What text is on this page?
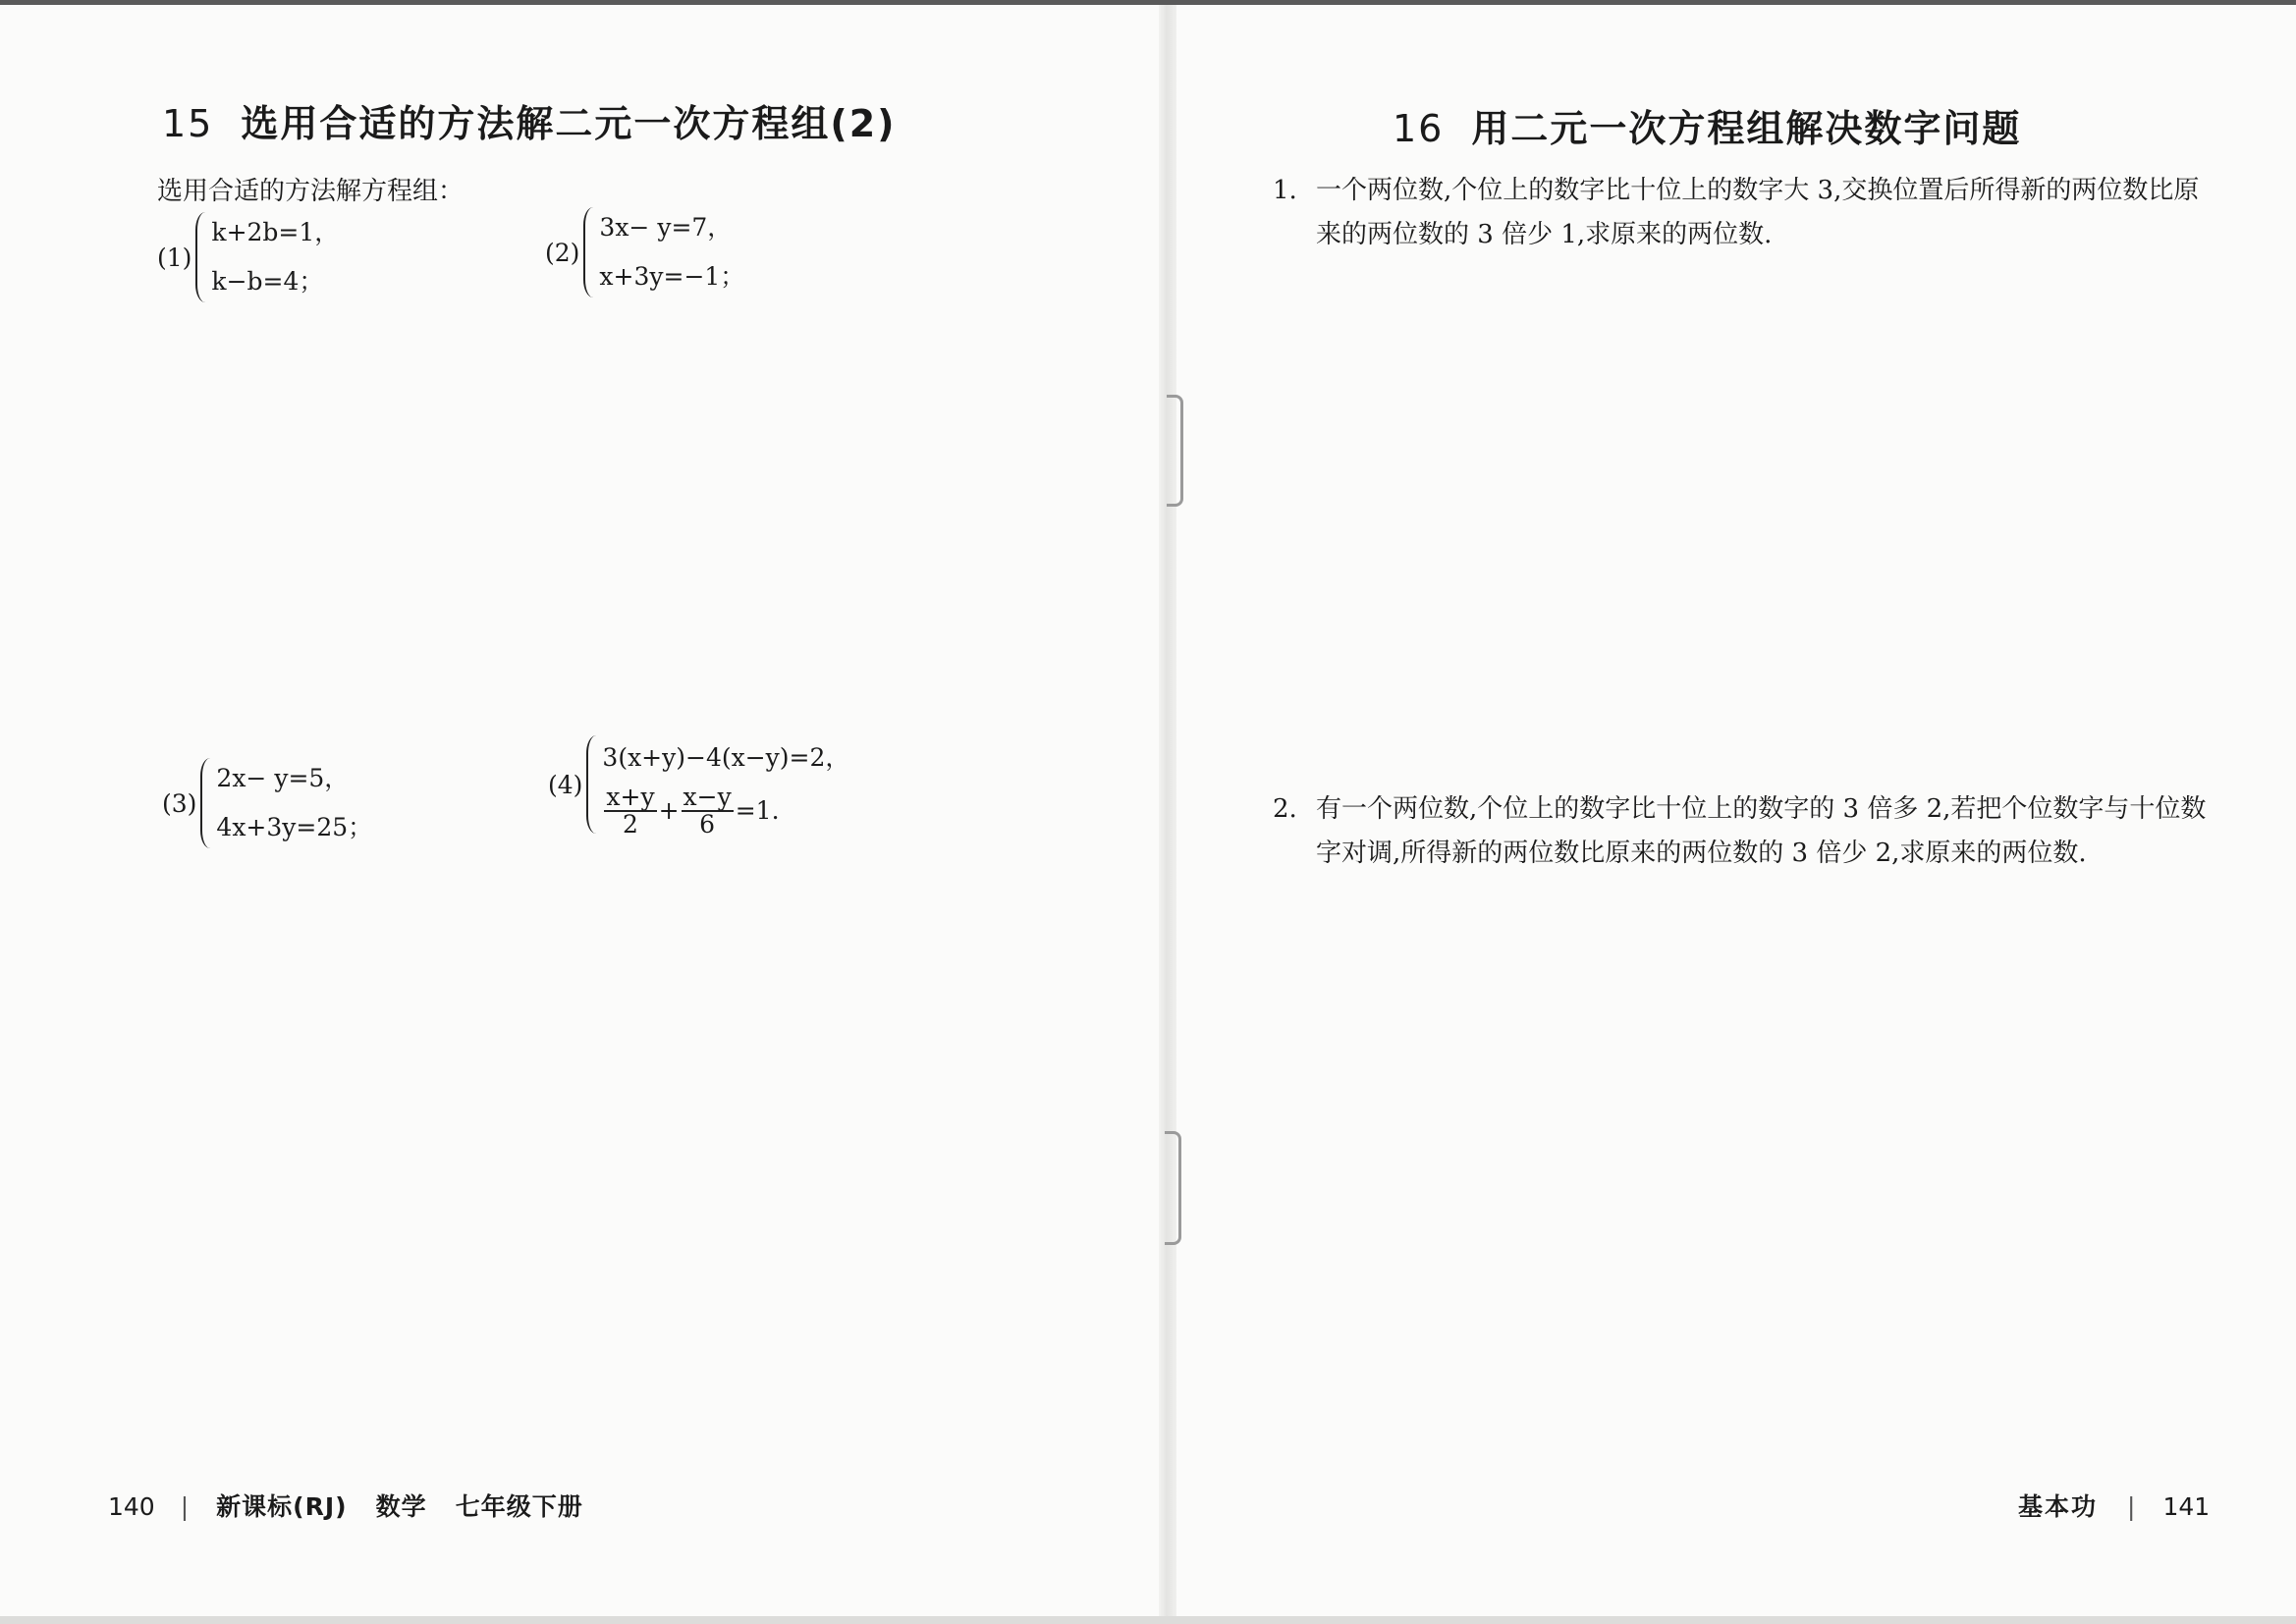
15 选用合适的方法解二元一次方程组(2)
选用合适的方法解方程组：
(1)
k+2b=1，
k−b=4；
(2)
3x− y=7，
x+3y=−1；
(3)
2x− y=5，
4x+3y=25；
(4)
3(x+y)−4(x−y)=2，
$\frac{x+y}{2} + \frac{x-y}{6} =1$.
140 | 新课标(RJ)   数学   七年级下册
16 用二元一次方程组解决数字问题
1. 一个两位数,个位上的数字比十位上的数字大 3,交换位置后所得新的两位数比原来的两位数的 3 倍少 1,求原来的两位数.
2. 有一个两位数,个位上的数字比十位上的数字的 3 倍多 2,若把个位数字与十位数字对调,所得新的两位数比原来的两位数的 3 倍少 2,求原来的两位数.
基本功 | 141
